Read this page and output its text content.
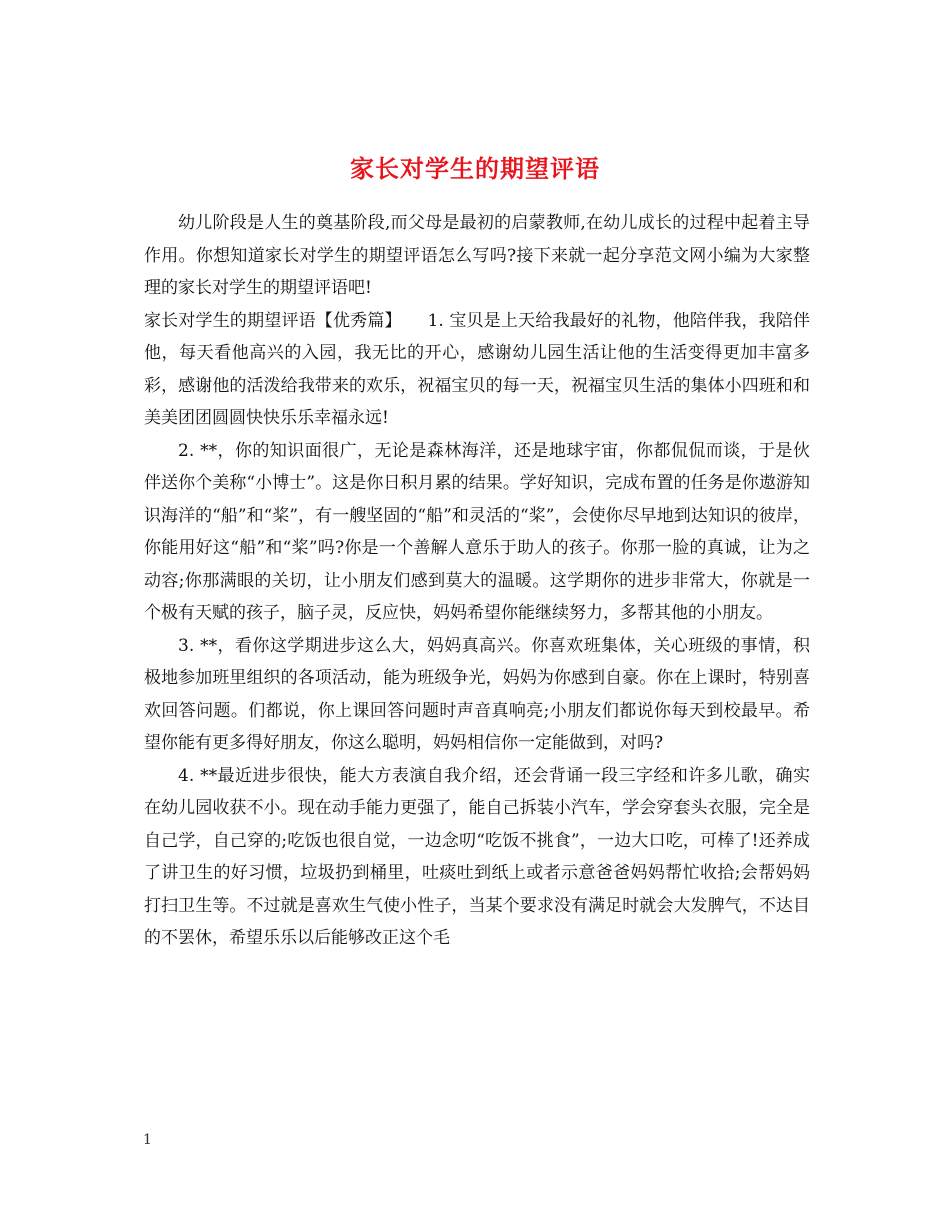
家长对学生的期望评语

幼儿阶段是人生的奠基阶段,而父母是最初的启蒙教师,在幼儿成长的过程中起着主导作用。你想知道家长对学生的期望评语怎么写吗?接下来就一起分享范文网小编为大家整理的家长对学生的期望评语吧!

家长对学生的期望评语【优秀篇】　　1. 宝贝是上天给我最好的礼物，他陪伴我，我陪伴他，每天看他高兴的入园，我无比的开心，感谢幼儿园生活让他的生活变得更加丰富多彩，感谢他的活泼给我带来的欢乐，祝福宝贝的每一天，祝福宝贝生活的集体小四班和和美美团团圆圆快快乐乐幸福永远!

2. **，你的知识面很广，无论是森林海洋，还是地球宇宙，你都侃侃而谈，于是伙伴送你个美称“小博士”。这是你日积月累的结果。学好知识，完成布置的任务是你遨游知识海洋的“船”和“桨”，有一艘坚固的“船”和灵活的“桨”，会使你尽早地到达知识的彼岸，你能用好这“船”和“桨”吗?你是一个善解人意乐于助人的孩子。你那一脸的真诚，让为之动容;你那满眼的关切，让小朋友们感到莫大的温暖。这学期你的进步非常大，你就是一个极有天赋的孩子，脑子灵，反应快，妈妈希望你能继续努力，多帮其他的小朋友。

3. **，看你这学期进步这么大，妈妈真高兴。你喜欢班集体，关心班级的事情，积极地参加班里组织的各项活动，能为班级争光，妈妈为你感到自豪。你在上课时，特别喜欢回答问题。们都说，你上课回答问题时声音真响亮;小朋友们都说你每天到校最早。希望你能有更多得好朋友，你这么聪明，妈妈相信你一定能做到，对吗?

4. **最近进步很快，能大方表演自我介绍，还会背诵一段三字经和许多儿歌，确实在幼儿园收获不小。现在动手能力更强了，能自己拆装小汽车，学会穿套头衣服，完全是自己学，自己穿的;吃饭也很自觉，一边念叨“吃饭不挑食”，一边大口吃，可棒了!还养成了讲卫生的好习惯，垃圾扔到桶里，吐痰吐到纸上或者示意爸爸妈妈帮忙收拾;会帮妈妈打扫卫生等。不过就是喜欢生气使小性子，当某个要求没有满足时就会大发脾气，不达目的不罢休，希望乐乐以后能够改正这个毛

1
